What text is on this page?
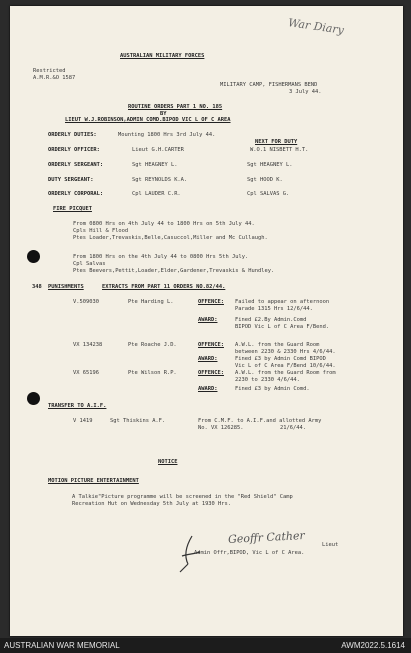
War Diary
AUSTRALIAN MILITARY FORCES
Restricted
A.M.R.&O 1587
MILITARY CAMP, FISHERMANS BEND
3 July 44.
ROUTINE ORDERS PART 1 NO. 185
BY
LIEUT W.J.ROBINSON,ADMIN COMD.BIPOD VIC L OF C AREA
ORDERLY DUTIES:	Mounting 1800 Hrs 3rd July 44.
NEXT FOR DUTY
ORDERLY OFFICER:	Lieut G.H.CARTER	W.O.1 NISBETT H.T.
ORDERLY SERGEANT:	Sgt HEAGNEY L.	Sgt HEAGNEY L.
DUTY SERGEANT:	Sgt REYNOLDS K.A.	Sgt HOOD K.
ORDERLY CORPORAL:	Cpl LAUDER C.R.	Cpl SALVAS G.
FIRE PICQUET
From 0800 Hrs on 4th July 44 to 1800 Hrs on 5th July 44.
Cpls Hill & Flood
Ptes Loader,Trevaskis,Belle,Casuccol,Miller and Mc Cullaugh.
From 1800 Hrs on the 4th July 44 to 0800 Hrs 5th July.
Cpl Salvas
Ptes Beevers,Pettit,Loader,Elder,Gardener,Trevaskis & Hundley.
348 PUNISHMENTS	EXTRACTS FROM PART 11 ORDERS NO.82/44.
V.509030	Pte Harding L.	OFFENCE: Failed to appear on afternoon
Parade 1315 Hrs 12/6/44.
AWARD:	Fined £2.By Admin.Comd
BIPOD Vic L of C Area F/Bend.
VX 134238	Pte Roache J.D.	OFFENCE: A.W.L. from the Guard Room
between 2230 & 2330 Hrs 4/6/44.
AWARD:	Fined £3 by Admin Comd BIPOD
Vic L of C Area F/Bend 10/6/44.
VX 65196	Pte Wilson R.P.	OFFENCE: A.W.L. from the Guard Room from
2230 to 2330 4/6/44.
AWARD:	Fined £3 by Admin Comd.
TRANSFER TO A.I.F.
V 1419	Sgt Thiskins A.F.	From C.M.F. to A.I.F.and allotted Army
No. VX 126285.	21/6/44.
NOTICE
MOTION PICTURE ENTERTAINMENT
A Talkie"Picture programme will be screened in the "Red Shield" Camp
Recreation Hut on Wednesday 5th July at 1930 Hrs.
Geoffr Cather	Lieut
Admin Offr,BIPOD, Vic L of C Area.
AUSTRALIAN WAR MEMORIAL	AWM2022.5.1614
